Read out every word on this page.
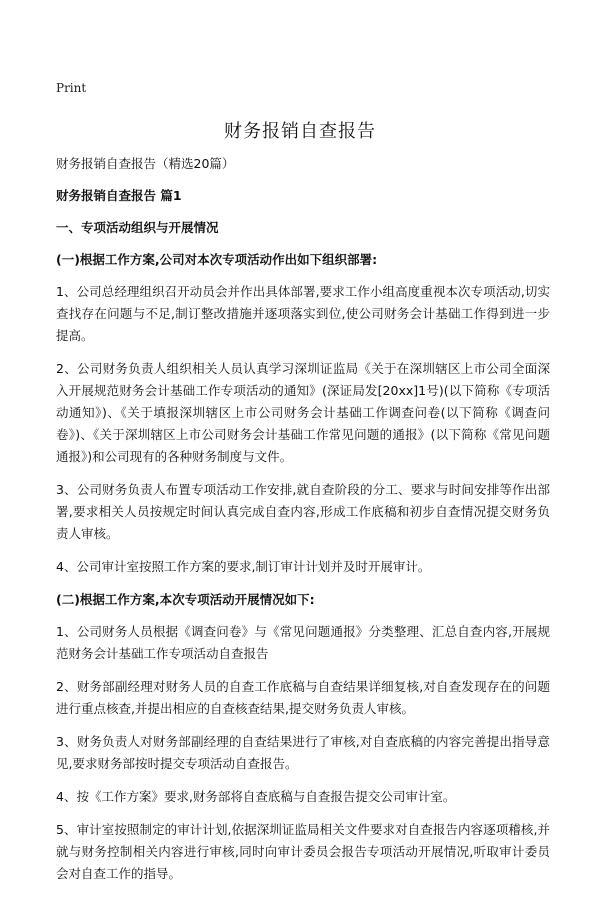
Print
财务报销自查报告

财务报销自查报告（精选20篇）

财务报销自查报告 篇1

一、专项活动组织与开展情况

(一)根据工作方案,公司对本次专项活动作出如下组织部署:

1、公司总经理组织召开动员会并作出具体部署,要求工作小组高度重视本次专项活动,切实查找存在问题与不足,制订整改措施并逐项落实到位,使公司财务会计基础工作得到进一步提高。

2、公司财务负责人组织相关人员认真学习深圳证监局《关于在深圳辖区上市公司全面深入开展规范财务会计基础工作专项活动的通知》(深证局发[20xx]1号)(以下简称《专项活动通知》)、《关于填报深圳辖区上市公司财务会计基础工作调查问卷(以下简称《调查问卷》)、《关于深圳辖区上市公司财务会计基础工作常见问题的通报》(以下简称《常见问题通报》)和公司现有的各种财务制度与文件。

3、公司财务负责人布置专项活动工作安排,就自查阶段的分工、要求与时间安排等作出部署,要求相关人员按规定时间认真完成自查内容,形成工作底稿和初步自查情况提交财务负责人审核。

4、公司审计室按照工作方案的要求,制订审计计划并及时开展审计。

(二)根据工作方案,本次专项活动开展情况如下:

1、公司财务人员根据《调查问卷》与《常见问题通报》分类整理、汇总自查内容,开展规范财务会计基础工作专项活动自查报告

2、财务部副经理对财务人员的自查工作底稿与自查结果详细复核,对自查发现存在的问题进行重点核查,并提出相应的自查核查结果,提交财务负责人审核。

3、财务负责人对财务部副经理的自查结果进行了审核,对自查底稿的内容完善提出指导意见,要求财务部按时提交专项活动自查报告。

4、按《工作方案》要求,财务部将自查底稿与自查报告提交公司审计室。

5、审计室按照制定的审计计划,依据深圳证监局相关文件要求对自查报告内容逐项稽核,并就与财务控制相关内容进行审核,同时向审计委员会报告专项活动开展情况,听取审计委员会对自查工作的指导。
